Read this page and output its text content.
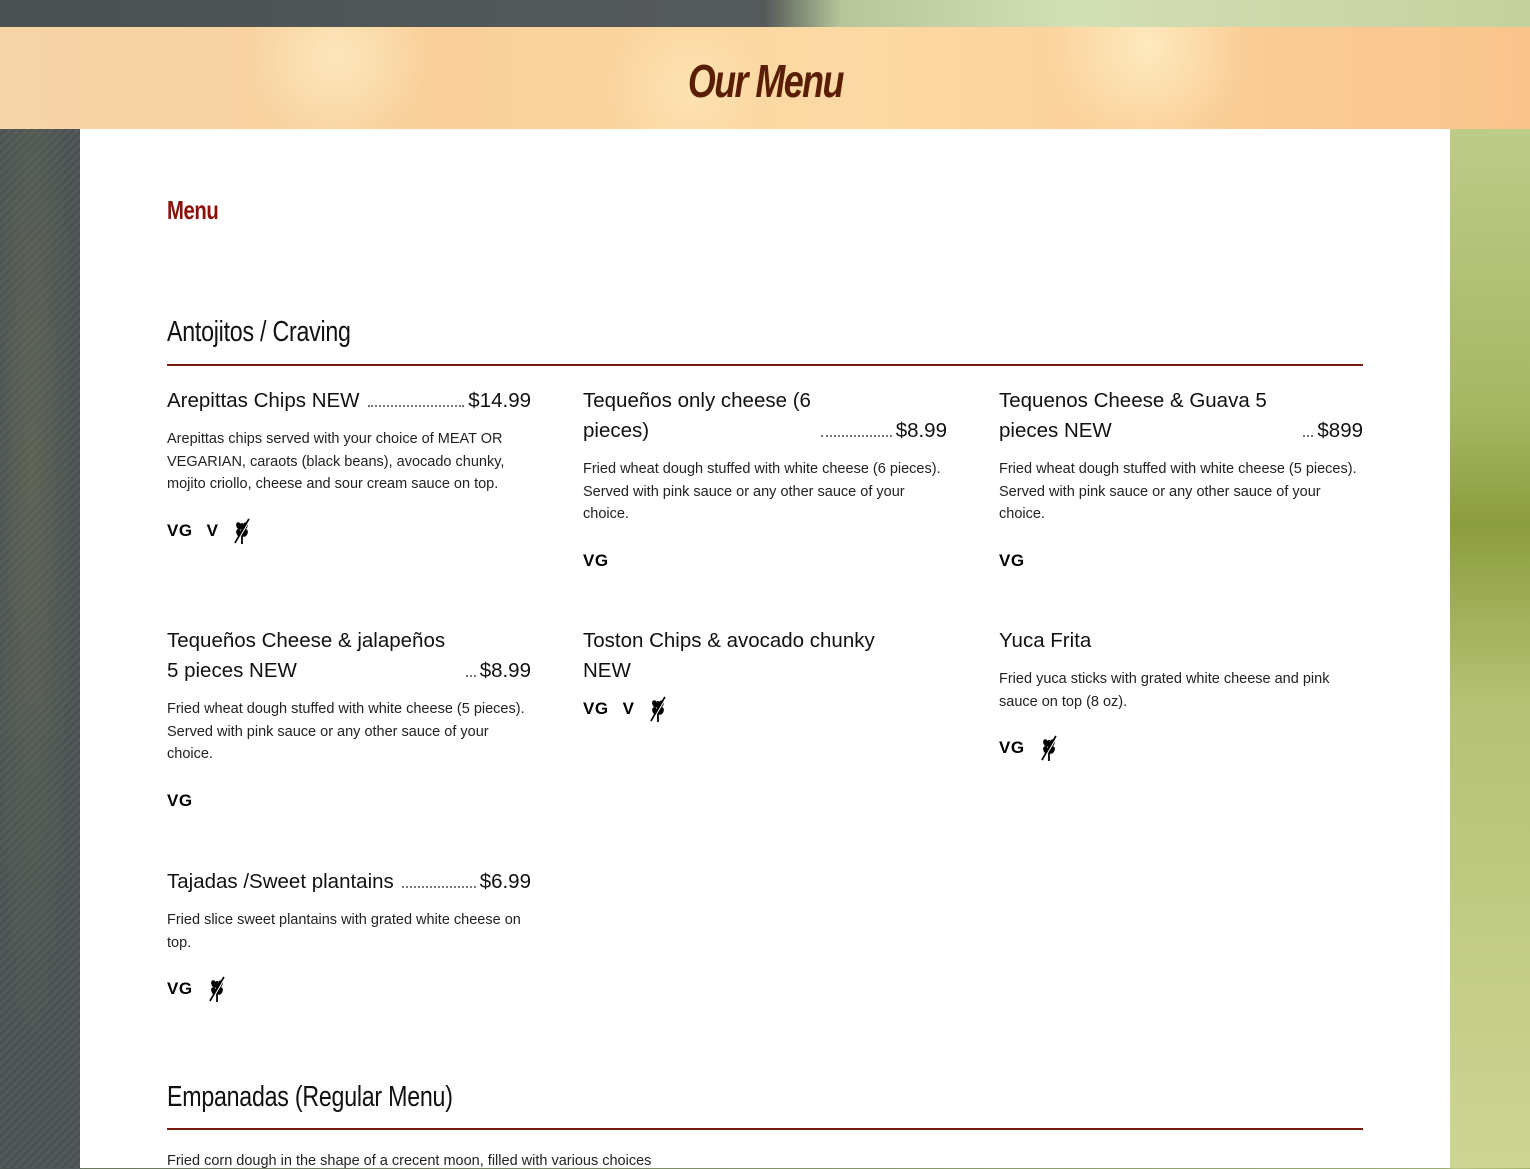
Our Menu
Menu
Antojitos / Craving
Arepittas Chips NEW	$14.99
Arepittas chips served with your choice of MEAT OR VEGARIAN, caraots (black beans), avocado chunky, mojito criollo, cheese and sour cream sauce on top.
VG V
Tequeños only cheese (6 pieces)	$8.99
Fried wheat dough stuffed with white cheese (6 pieces). Served with pink sauce or any other sauce of your choice.
VG
Tequenos Cheese & Guava 5 pieces NEW	$899
Fried wheat dough stuffed with white cheese (5 pieces). Served with pink sauce or any other sauce of your choice.
VG
Tequeños Cheese & jalapeños 5 pieces NEW	$8.99
Fried wheat dough stuffed with white cheese (5 pieces). Served with pink sauce or any other sauce of your choice.
VG
Toston Chips & avocado chunky NEW
VG V
Yuca Frita
Fried yuca sticks with grated white cheese and pink sauce on top (8 oz).
VG
Tajadas /Sweet plantains	$6.99
Fried slice sweet plantains with grated white cheese on top.
VG
Empanadas (Regular Menu)
Fried corn dough in the shape of a crecent moon, filled with various choices
